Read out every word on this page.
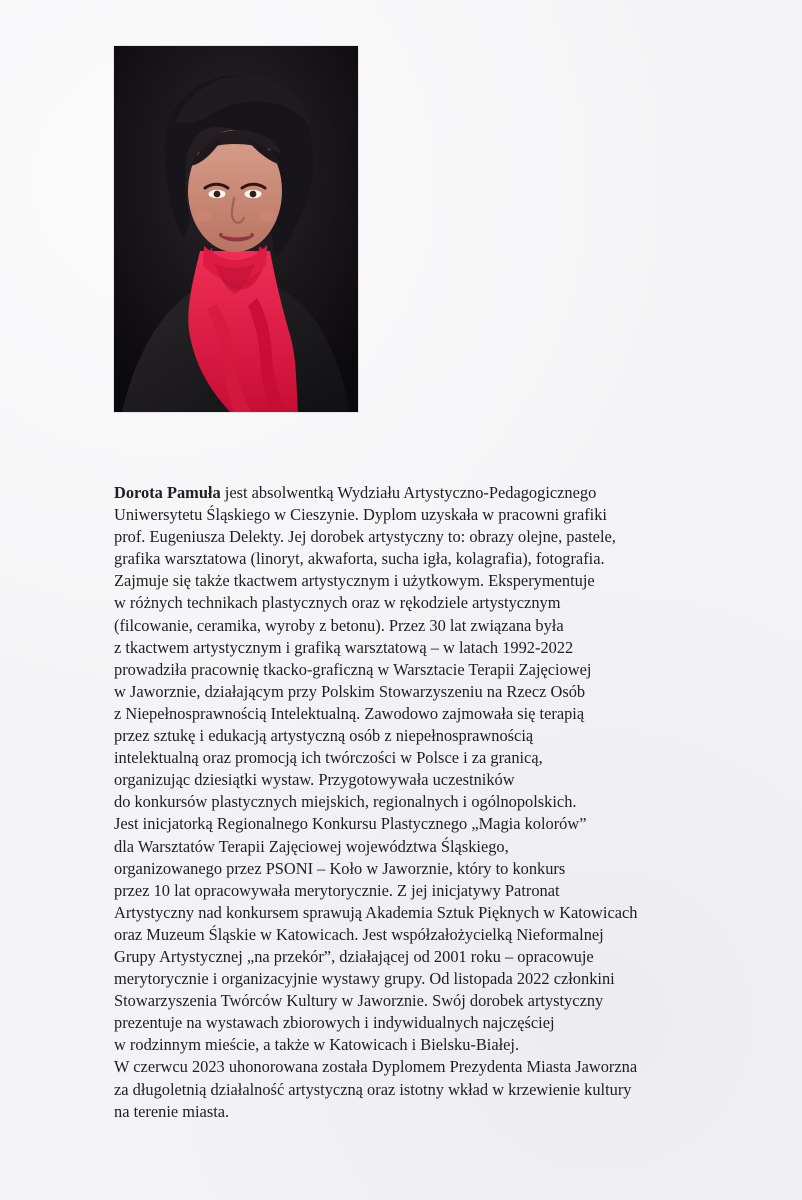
Dorota Pamuła jest absolwentką Wydziału Artystyczno-Pedagogicznego
Uniwersytetu Śląskiego w Cieszynie. Dyplom uzyskała w pracowni grafiki
prof. Eugeniusza Delekty. Jej dorobek artystyczny to: obrazy olejne, pastele,
grafika warsztatowa (linoryt, akwaforta, sucha igła, kolagrafia), fotografia.
Zajmuje się także tkactwem artystycznym i użytkowym. Eksperymentuje
w różnych technikach plastycznych oraz w rękodziele artystycznym
(filcowanie, ceramika, wyroby z betonu). Przez 30 lat związana była
z tkactwem artystycznym i grafiką warsztatową – w latach 1992-2022
prowadziła pracownię tkacko-graficzną w Warsztacie Terapii Zajęciowej
w Jaworznie, działającym przy Polskim Stowarzyszeniu na Rzecz Osób
z Niepełnosprawnością Intelektualną. Zawodowo zajmowała się terapią
przez sztukę i edukacją artystyczną osób z niepełnosprawnością
intelektualną oraz promocją ich twórczości w Polsce i za granicą,
organizując dziesiątki wystaw. Przygotowywała uczestników
do konkursów plastycznych miejskich, regionalnych i ogólnopolskich.
Jest inicjatorką Regionalnego Konkursu Plastycznego „Magia kolorów”
dla Warsztatów Terapii Zajęciowej województwa Śląskiego,
organizowanego przez PSONI – Koło w Jaworznie, który to konkurs
przez 10 lat opracowywała merytorycznie. Z jej inicjatywy Patronat
Artystyczny nad konkursem sprawują Akademia Sztuk Pięknych w Katowicach
oraz Muzeum Śląskie w Katowicach. Jest współzałożycielką Nieformalnej
Grupy Artystycznej „na przekór”, działającej od 2001 roku – opracowuje
merytorycznie i organizacyjnie wystawy grupy. Od listopada 2022 członkini
Stowarzyszenia Twórców Kultury w Jaworznie. Swój dorobek artystyczny
prezentuje na wystawach zbiorowych i indywidualnych najczęściej
w rodzinnym mieście, a także w Katowicach i Bielsku-Białej.
W czerwcu 2023 uhonorowana została Dyplomem Prezydenta Miasta Jaworzna
za długoletnią działalność artystyczną oraz istotny wkład w krzewienie kultury
na terenie miasta.
